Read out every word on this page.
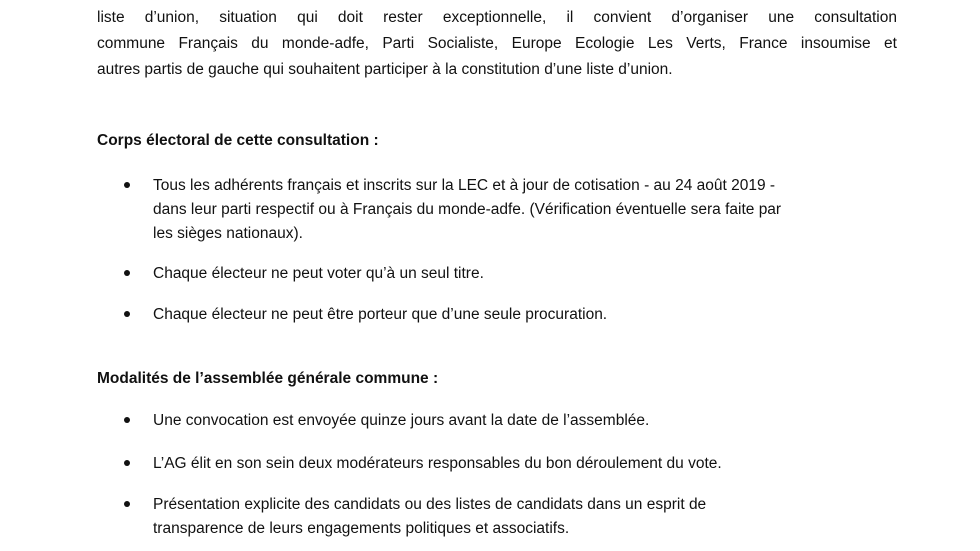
liste d’union, situation qui doit rester exceptionnelle, il convient d’organiser une consultation
commune Français du monde-adfe, Parti Socialiste, Europe Ecologie Les Verts, France insoumise et
autres partis de gauche qui souhaitent participer à la constitution d’une liste d’union.
Corps électoral de cette consultation :
Tous les adhérents français et inscrits sur la LEC et à jour de cotisation - au 24 août 2019 -
dans leur parti respectif ou à Français du monde-adfe. (Vérification éventuelle sera faite par
les sièges nationaux).
Chaque électeur ne peut voter qu’à un seul titre.
Chaque électeur ne peut être porteur que d’une seule procuration.
Modalités de l’assemblée générale commune :
Une convocation est envoyée quinze jours avant la date de l’assemblée.
L’AG élit en son sein deux modérateurs responsables du bon déroulement du vote.
Présentation explicite des candidats ou des listes de candidats dans un esprit de
transparence de leurs engagements politiques et associatifs.
